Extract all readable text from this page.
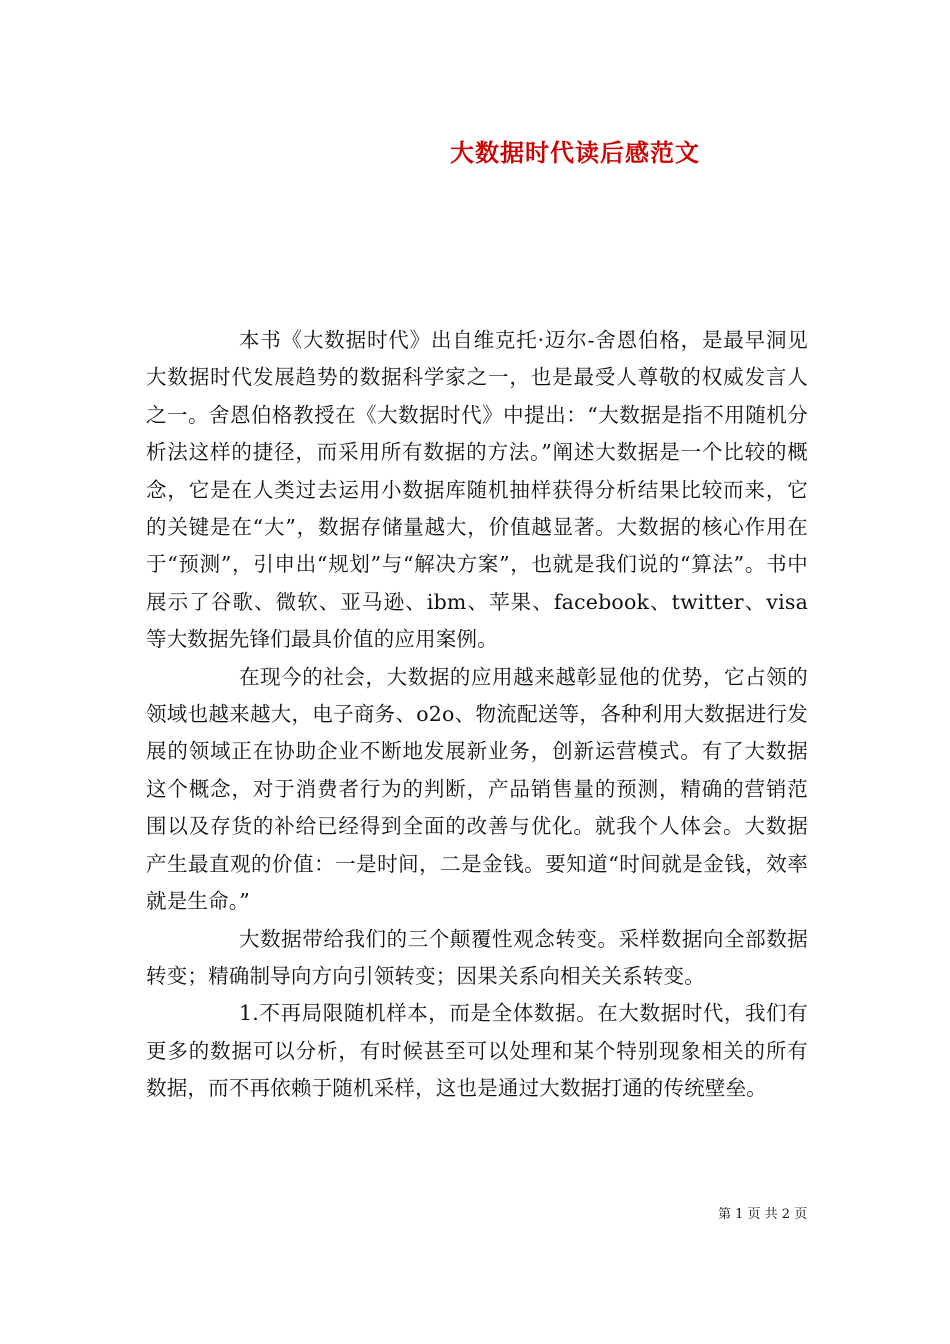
大数据时代读后感范文

本书《大数据时代》出自维克托·迈尔-舍恩伯格，是最早洞见大数据时代发展趋势的数据科学家之一，也是最受人尊敬的权威发言人之一。舍恩伯格教授在《大数据时代》中提出：“大数据是指不用随机分析法这样的捷径，而采用所有数据的方法。”阐述大数据是一个比较的概念，它是在人类过去运用小数据库随机抽样获得分析结果比较而来，它的关键是在“大”，数据存储量越大，价值越显著。大数据的核心作用在于“预测”，引申出“规划”与“解决方案”，也就是我们说的“算法”。书中展示了谷歌、微软、亚马逊、ibm、苹果、facebook、twitter、visa等大数据先锋们最具价值的应用案例。

在现今的社会，大数据的应用越来越彰显他的优势，它占领的领域也越来越大，电子商务、o2o、物流配送等，各种利用大数据进行发展的领域正在协助企业不断地发展新业务，创新运营模式。有了大数据这个概念，对于消费者行为的判断，产品销售量的预测，精确的营销范围以及存货的补给已经得到全面的改善与优化。就我个人体会。大数据产生最直观的价值：一是时间，二是金钱。要知道“时间就是金钱，效率就是生命。”

大数据带给我们的三个颠覆性观念转变。采样数据向全部数据转变；精确制导向方向引领转变；因果关系向相关关系转变。

1.不再局限随机样本，而是全体数据。在大数据时代，我们有更多的数据可以分析，有时候甚至可以处理和某个特别现象相关的所有数据，而不再依赖于随机采样，这也是通过大数据打通的传统壁垒。

第 1 页 共 2 页
